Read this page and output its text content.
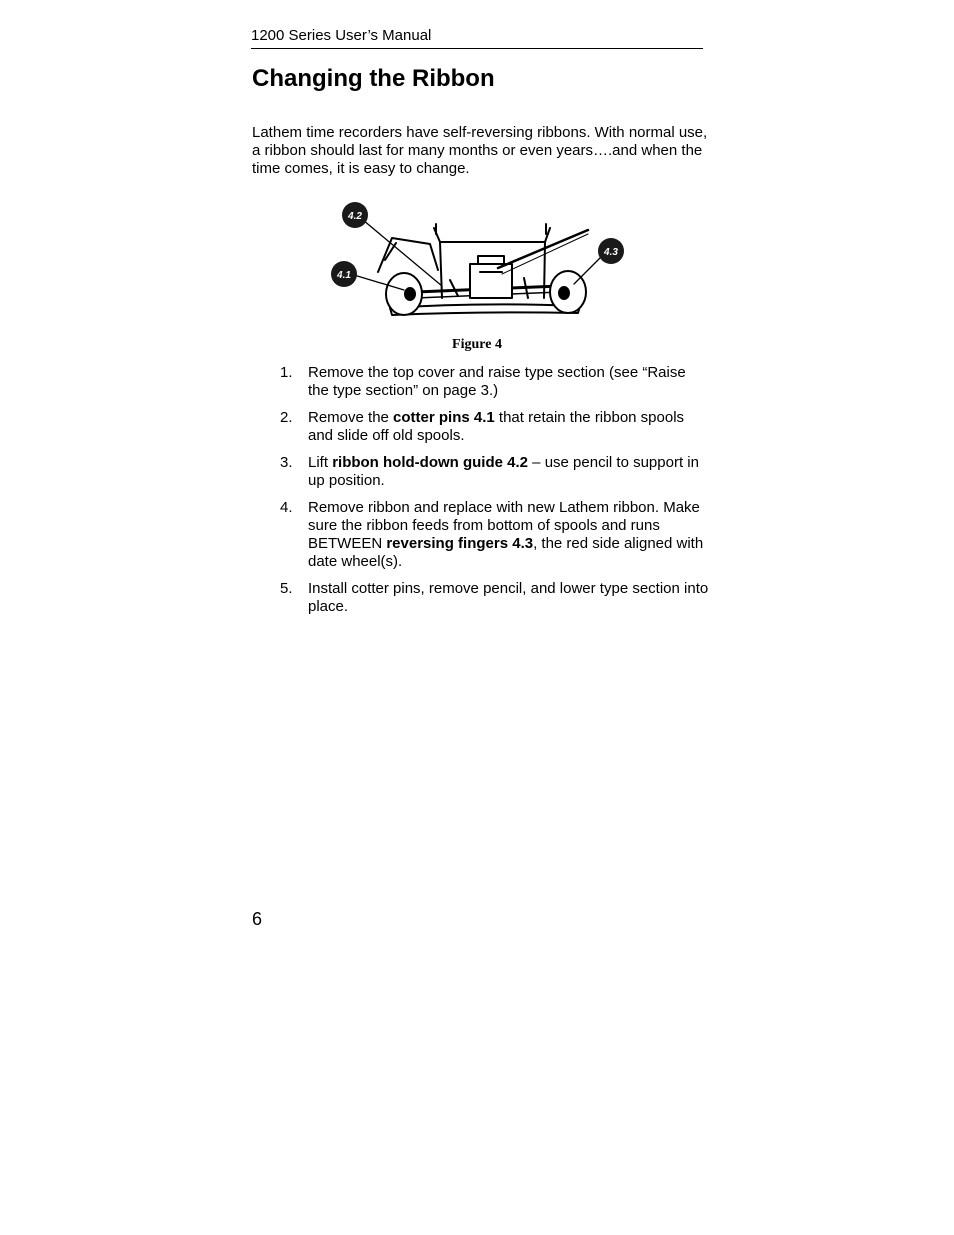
1200 Series User’s Manual
Changing the Ribbon

Lathem time recorders have self-reversing ribbons. With normal use, a ribbon should last for many months or even years….and when the time comes, it is easy to change.

4.2
4.1
4.3
Figure 4
1. Remove the top cover and raise type section (see “Raise the type section” on page 3.)
2. Remove the cotter pins 4.1 that retain the ribbon spools and slide off old spools.
3. Lift ribbon hold-down guide 4.2 – use pencil to support in up position.
4. Remove ribbon and replace with new Lathem ribbon. Make sure the ribbon feeds from bottom of spools and runs BETWEEN reversing fingers 4.3, the red side aligned with date wheel(s).
5. Install cotter pins, remove pencil, and lower type section into place.
6
